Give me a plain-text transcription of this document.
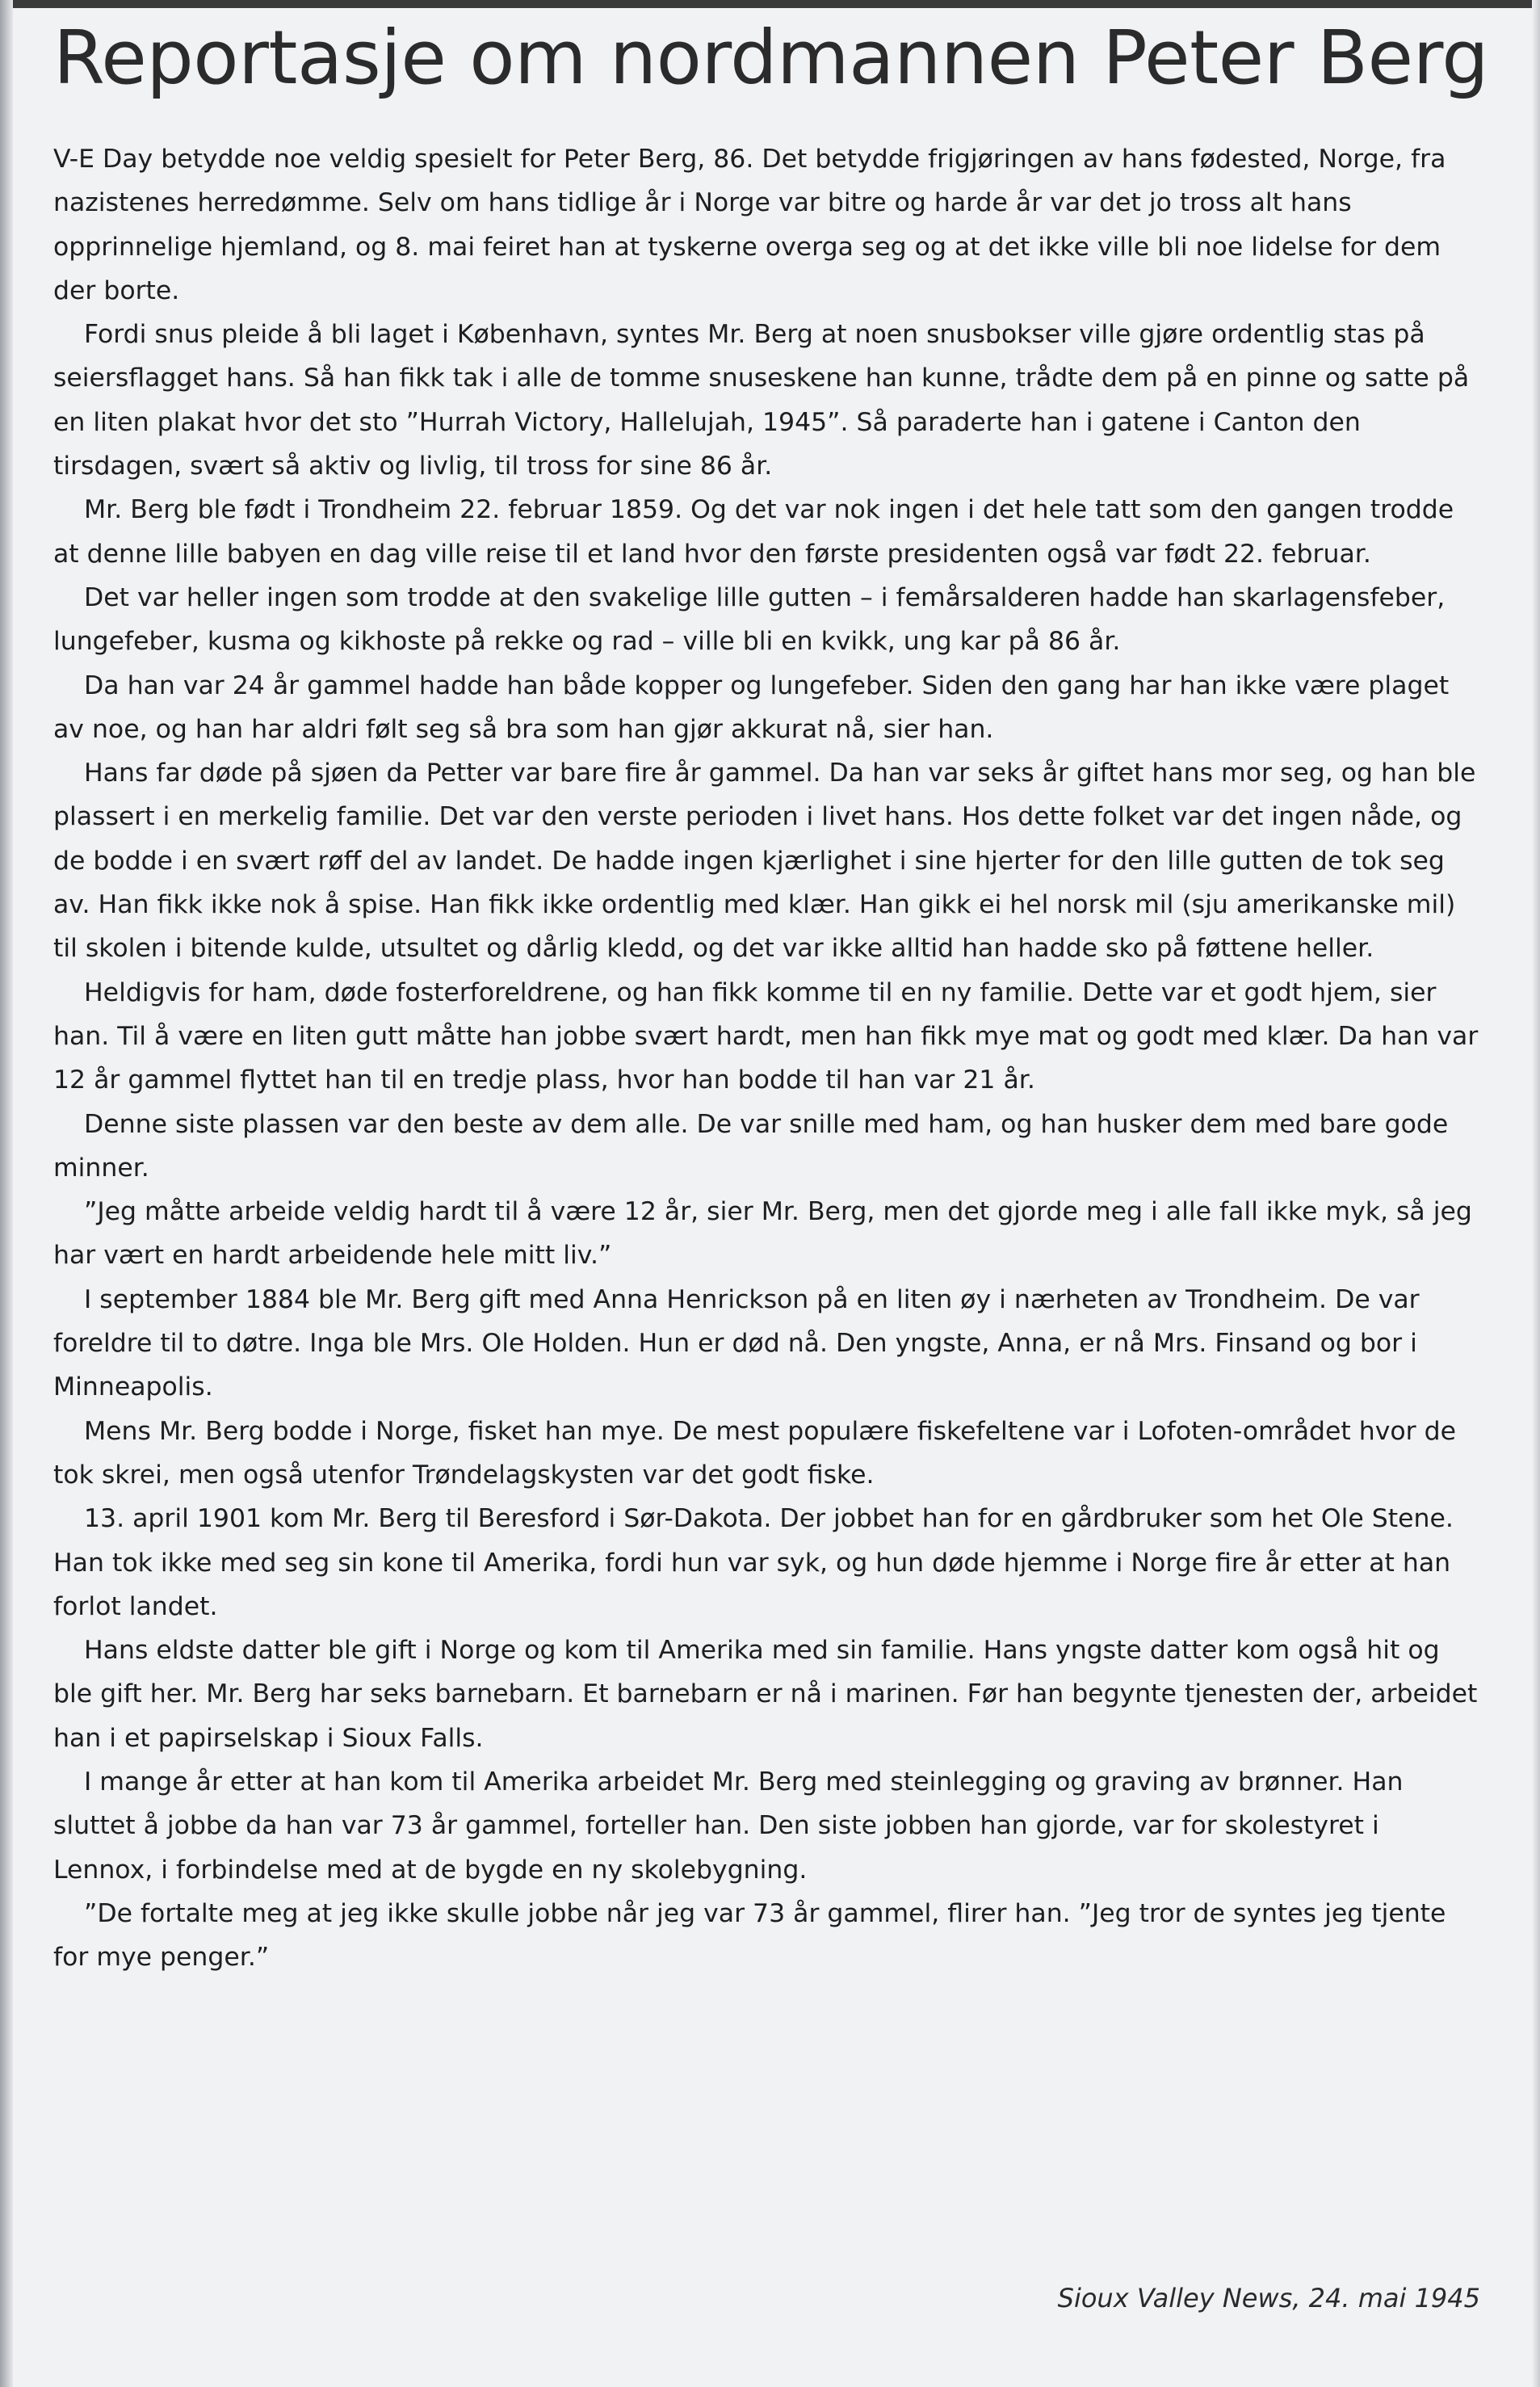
Reportasje om nordmannen Peter Berg

V-E Day betydde noe veldig spesielt for Peter Berg, 86. Det betydde frigjøringen av hans fødested, Norge, fra nazistenes herredømme. Selv om hans tidlige år i Norge var bitre og harde år var det jo tross alt hans opprinnelige hjemland, og 8. mai feiret han at tyskerne overga seg og at det ikke ville bli noe lidelse for dem der borte.

Fordi snus pleide å bli laget i København, syntes Mr. Berg at noen snusbokser ville gjøre ordentlig stas på seiersflagget hans. Så han fikk tak i alle de tomme snuseskene han kunne, trådte dem på en pinne og satte på en liten plakat hvor det sto ”Hurrah Victory, Hallelujah, 1945”. Så paraderte han i gatene i Canton den tirsdagen, svært så aktiv og livlig, til tross for sine 86 år.

Mr. Berg ble født i Trondheim 22. februar 1859. Og det var nok ingen i det hele tatt som den gangen trodde at denne lille babyen en dag ville reise til et land hvor den første presidenten også var født 22. februar.

Det var heller ingen som trodde at den svakelige lille gutten – i femårsalderen hadde han skarlagensfeber, lungefeber, kusma og kikhoste på rekke og rad – ville bli en kvikk, ung kar på 86 år.

Da han var 24 år gammel hadde han både kopper og lungefeber. Siden den gang har han ikke være plaget av noe, og han har aldri følt seg så bra som han gjør akkurat nå, sier han.

Hans far døde på sjøen da Petter var bare fire år gammel. Da han var seks år giftet hans mor seg, og han ble plassert i en merkelig familie. Det var den verste perioden i livet hans. Hos dette folket var det ingen nåde, og de bodde i en svært røff del av landet. De hadde ingen kjærlighet i sine hjerter for den lille gutten de tok seg av. Han fikk ikke nok å spise. Han fikk ikke ordentlig med klær. Han gikk ei hel norsk mil (sju amerikanske mil) til skolen i bitende kulde, utsultet og dårlig kledd, og det var ikke alltid han hadde sko på føttene heller.

Heldigvis for ham, døde fosterforeldrene, og han fikk komme til en ny familie. Dette var et godt hjem, sier han. Til å være en liten gutt måtte han jobbe svært hardt, men han fikk mye mat og godt med klær. Da han var 12 år gammel flyttet han til en tredje plass, hvor han bodde til han var 21 år.

Denne siste plassen var den beste av dem alle. De var snille med ham, og han husker dem med bare gode minner.

”Jeg måtte arbeide veldig hardt til å være 12 år, sier Mr. Berg, men det gjorde meg i alle fall ikke myk, så jeg har vært en hardt arbeidende hele mitt liv.”

I september 1884 ble Mr. Berg gift med Anna Henrickson på en liten øy i nærheten av Trondheim. De var foreldre til to døtre. Inga ble Mrs. Ole Holden. Hun er død nå. Den yngste, Anna, er nå Mrs. Finsand og bor i Minneapolis.

Mens Mr. Berg bodde i Norge, fisket han mye. De mest populære fiskefeltene var i Lofoten-området hvor de tok skrei, men også utenfor Trøndelagskysten var det godt fiske.

13. april 1901 kom Mr. Berg til Beresford i Sør-Dakota. Der jobbet han for en gårdbruker som het Ole Stene. Han tok ikke med seg sin kone til Amerika, fordi hun var syk, og hun døde hjemme i Norge fire år etter at han forlot landet.

Hans eldste datter ble gift i Norge og kom til Amerika med sin familie. Hans yngste datter kom også hit og ble gift her. Mr. Berg har seks barnebarn. Et barnebarn er nå i marinen. Før han begynte tjenesten der, arbeidet han i et papirselskap i Sioux Falls.

I mange år etter at han kom til Amerika arbeidet Mr. Berg med steinlegging og graving av brønner. Han sluttet å jobbe da han var 73 år gammel, forteller han. Den siste jobben han gjorde, var for skolestyret i Lennox, i forbindelse med at de bygde en ny skolebygning.

”De fortalte meg at jeg ikke skulle jobbe når jeg var 73 år gammel, flirer han. ”Jeg tror de syntes jeg tjente for mye penger.”

Sioux Valley News, 24. mai 1945
